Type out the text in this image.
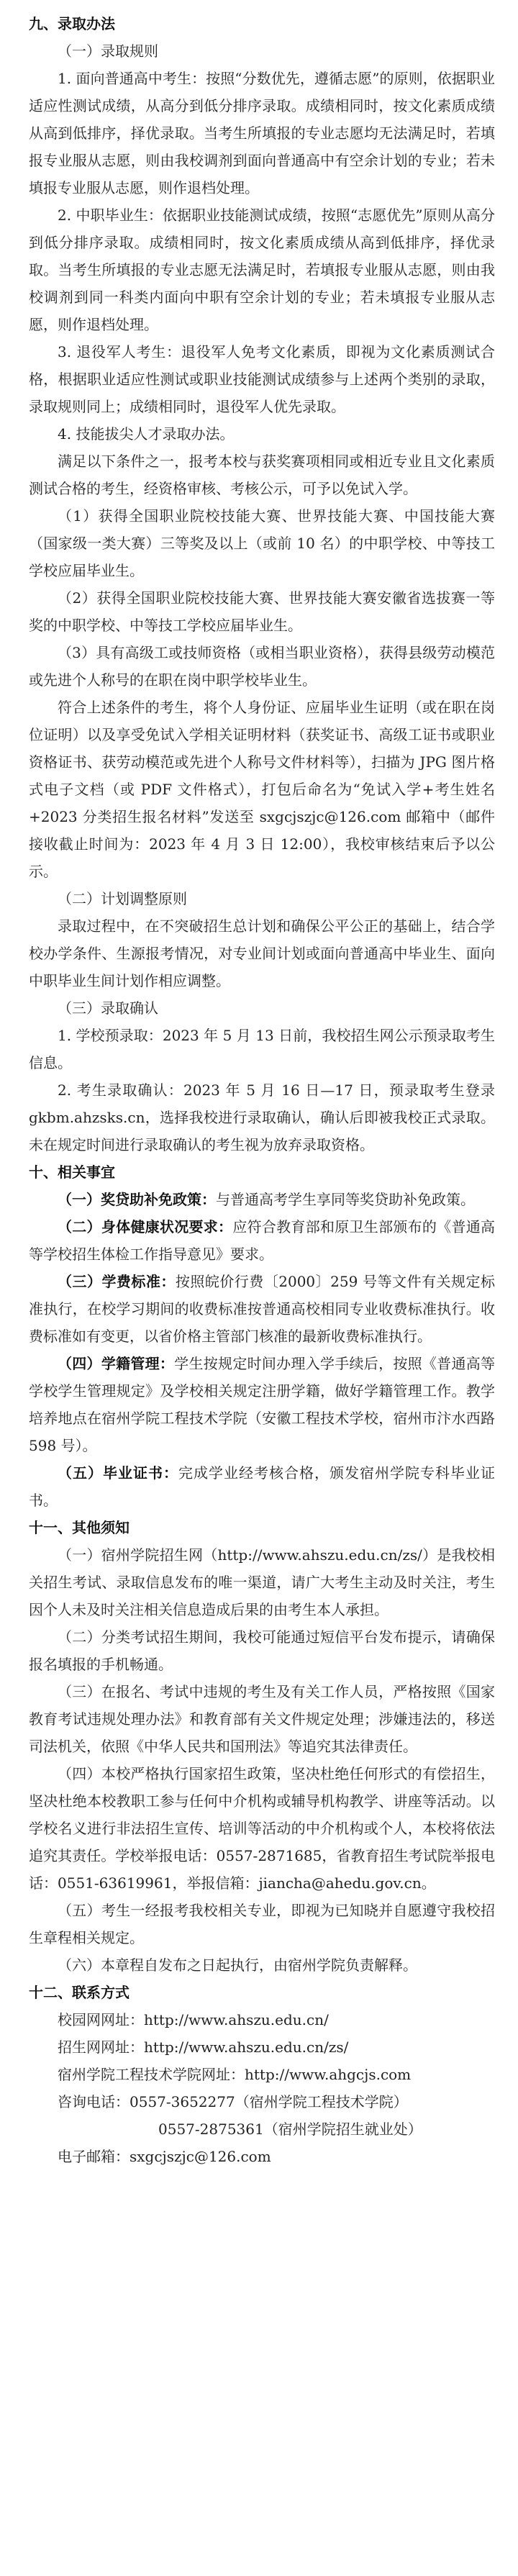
九、录取办法
（一）录取规则
1. 面向普通高中考生：按照“分数优先，遵循志愿”的原则，依据职业适应性测试成绩，从高分到低分排序录取。成绩相同时，按文化素质成绩从高到低排序，择优录取。当考生所填报的专业志愿均无法满足时，若填报专业服从志愿，则由我校调剂到面向普通高中有空余计划的专业；若未填报专业服从志愿，则作退档处理。
2. 中职毕业生：依据职业技能测试成绩，按照“志愿优先”原则从高分到低分排序录取。成绩相同时，按文化素质成绩从高到低排序，择优录取。当考生所填报的专业志愿无法满足时，若填报专业服从志愿，则由我校调剂到同一科类内面向中职有空余计划的专业；若未填报专业服从志愿，则作退档处理。
3. 退役军人考生：退役军人免考文化素质，即视为文化素质测试合格，根据职业适应性测试或职业技能测试成绩参与上述两个类别的录取，录取规则同上；成绩相同时，退役军人优先录取。
4. 技能拔尖人才录取办法。
满足以下条件之一，报考本校与获奖赛项相同或相近专业且文化素质测试合格的考生，经资格审核、考核公示，可予以免试入学。
（1）获得全国职业院校技能大赛、世界技能大赛、中国技能大赛（国家级一类大赛）三等奖及以上（或前 10 名）的中职学校、中等技工学校应届毕业生。
（2）获得全国职业院校技能大赛、世界技能大赛安徽省选拔赛一等奖的中职学校、中等技工学校应届毕业生。
（3）具有高级工或技师资格（或相当职业资格），获得县级劳动模范或先进个人称号的在职在岗中职学校毕业生。
符合上述条件的考生，将个人身份证、应届毕业生证明（或在职在岗位证明）以及享受免试入学相关证明材料（获奖证书、高级工证书或职业资格证书、获劳动模范或先进个人称号文件材料等），扫描为 JPG 图片格式电子文档（或 PDF 文件格式），打包后命名为“免试入学+考生姓名+2023 分类招生报名材料”发送至 sxgcjszjc@126.com 邮箱中（邮件接收截止时间为：2023 年 4 月 3 日 12:00），我校审核结束后予以公示。
（二）计划调整原则
录取过程中，在不突破招生总计划和确保公平公正的基础上，结合学校办学条件、生源报考情况，对专业间计划或面向普通高中毕业生、面向中职毕业生间计划作相应调整。
（三）录取确认
1. 学校预录取：2023 年 5 月 13 日前，我校招生网公示预录取考生信息。
2. 考生录取确认：2023 年 5 月 16 日—17 日，预录取考生登录 gkbm.ahzsks.cn，选择我校进行录取确认，确认后即被我校正式录取。未在规定时间进行录取确认的考生视为放弃录取资格。
十、相关事宜
（一）奖贷助补免政策：与普通高考学生享同等奖贷助补免政策。
（二）身体健康状况要求：应符合教育部和原卫生部颁布的《普通高等学校招生体检工作指导意见》要求。
（三）学费标准：按照皖价行费〔2000〕259 号等文件有关规定标准执行，在校学习期间的收费标准按普通高校相同专业收费标准执行。收费标准如有变更，以省价格主管部门核准的最新收费标准执行。
（四）学籍管理：学生按规定时间办理入学手续后，按照《普通高等学校学生管理规定》及学校相关规定注册学籍，做好学籍管理工作。教学培养地点在宿州学院工程技术学院（安徽工程技术学校，宿州市汴水西路 598 号）。
（五）毕业证书：完成学业经考核合格，颁发宿州学院专科毕业证书。
十一、其他须知
（一）宿州学院招生网（http://www.ahszu.edu.cn/zs/）是我校相关招生考试、录取信息发布的唯一渠道，请广大考生主动及时关注，考生因个人未及时关注相关信息造成后果的由考生本人承担。
（二）分类考试招生期间，我校可能通过短信平台发布提示，请确保报名填报的手机畅通。
（三）在报名、考试中违规的考生及有关工作人员，严格按照《国家教育考试违规处理办法》和教育部有关文件规定处理；涉嫌违法的，移送司法机关，依照《中华人民共和国刑法》等追究其法律责任。
（四）本校严格执行国家招生政策，坚决杜绝任何形式的有偿招生，坚决杜绝本校教职工参与任何中介机构或辅导机构教学、讲座等活动。以学校名义进行非法招生宣传、培训等活动的中介机构或个人，本校将依法追究其责任。学校举报电话：0557-2871685，省教育招生考试院举报电话：0551-63619961，举报信箱：jiancha@ahedu.gov.cn。
（五）考生一经报考我校相关专业，即视为已知晓并自愿遵守我校招生章程相关规定。
（六）本章程自发布之日起执行，由宿州学院负责解释。
十二、联系方式
校园网网址：http://www.ahszu.edu.cn/
招生网网址：http://www.ahszu.edu.cn/zs/
宿州学院工程技术学院网址：http://www.ahgcjs.com
咨询电话：0557-3652277（宿州学院工程技术学院）
0557-2875361（宿州学院招生就业处）
电子邮箱：sxgcjszjc@126.com
